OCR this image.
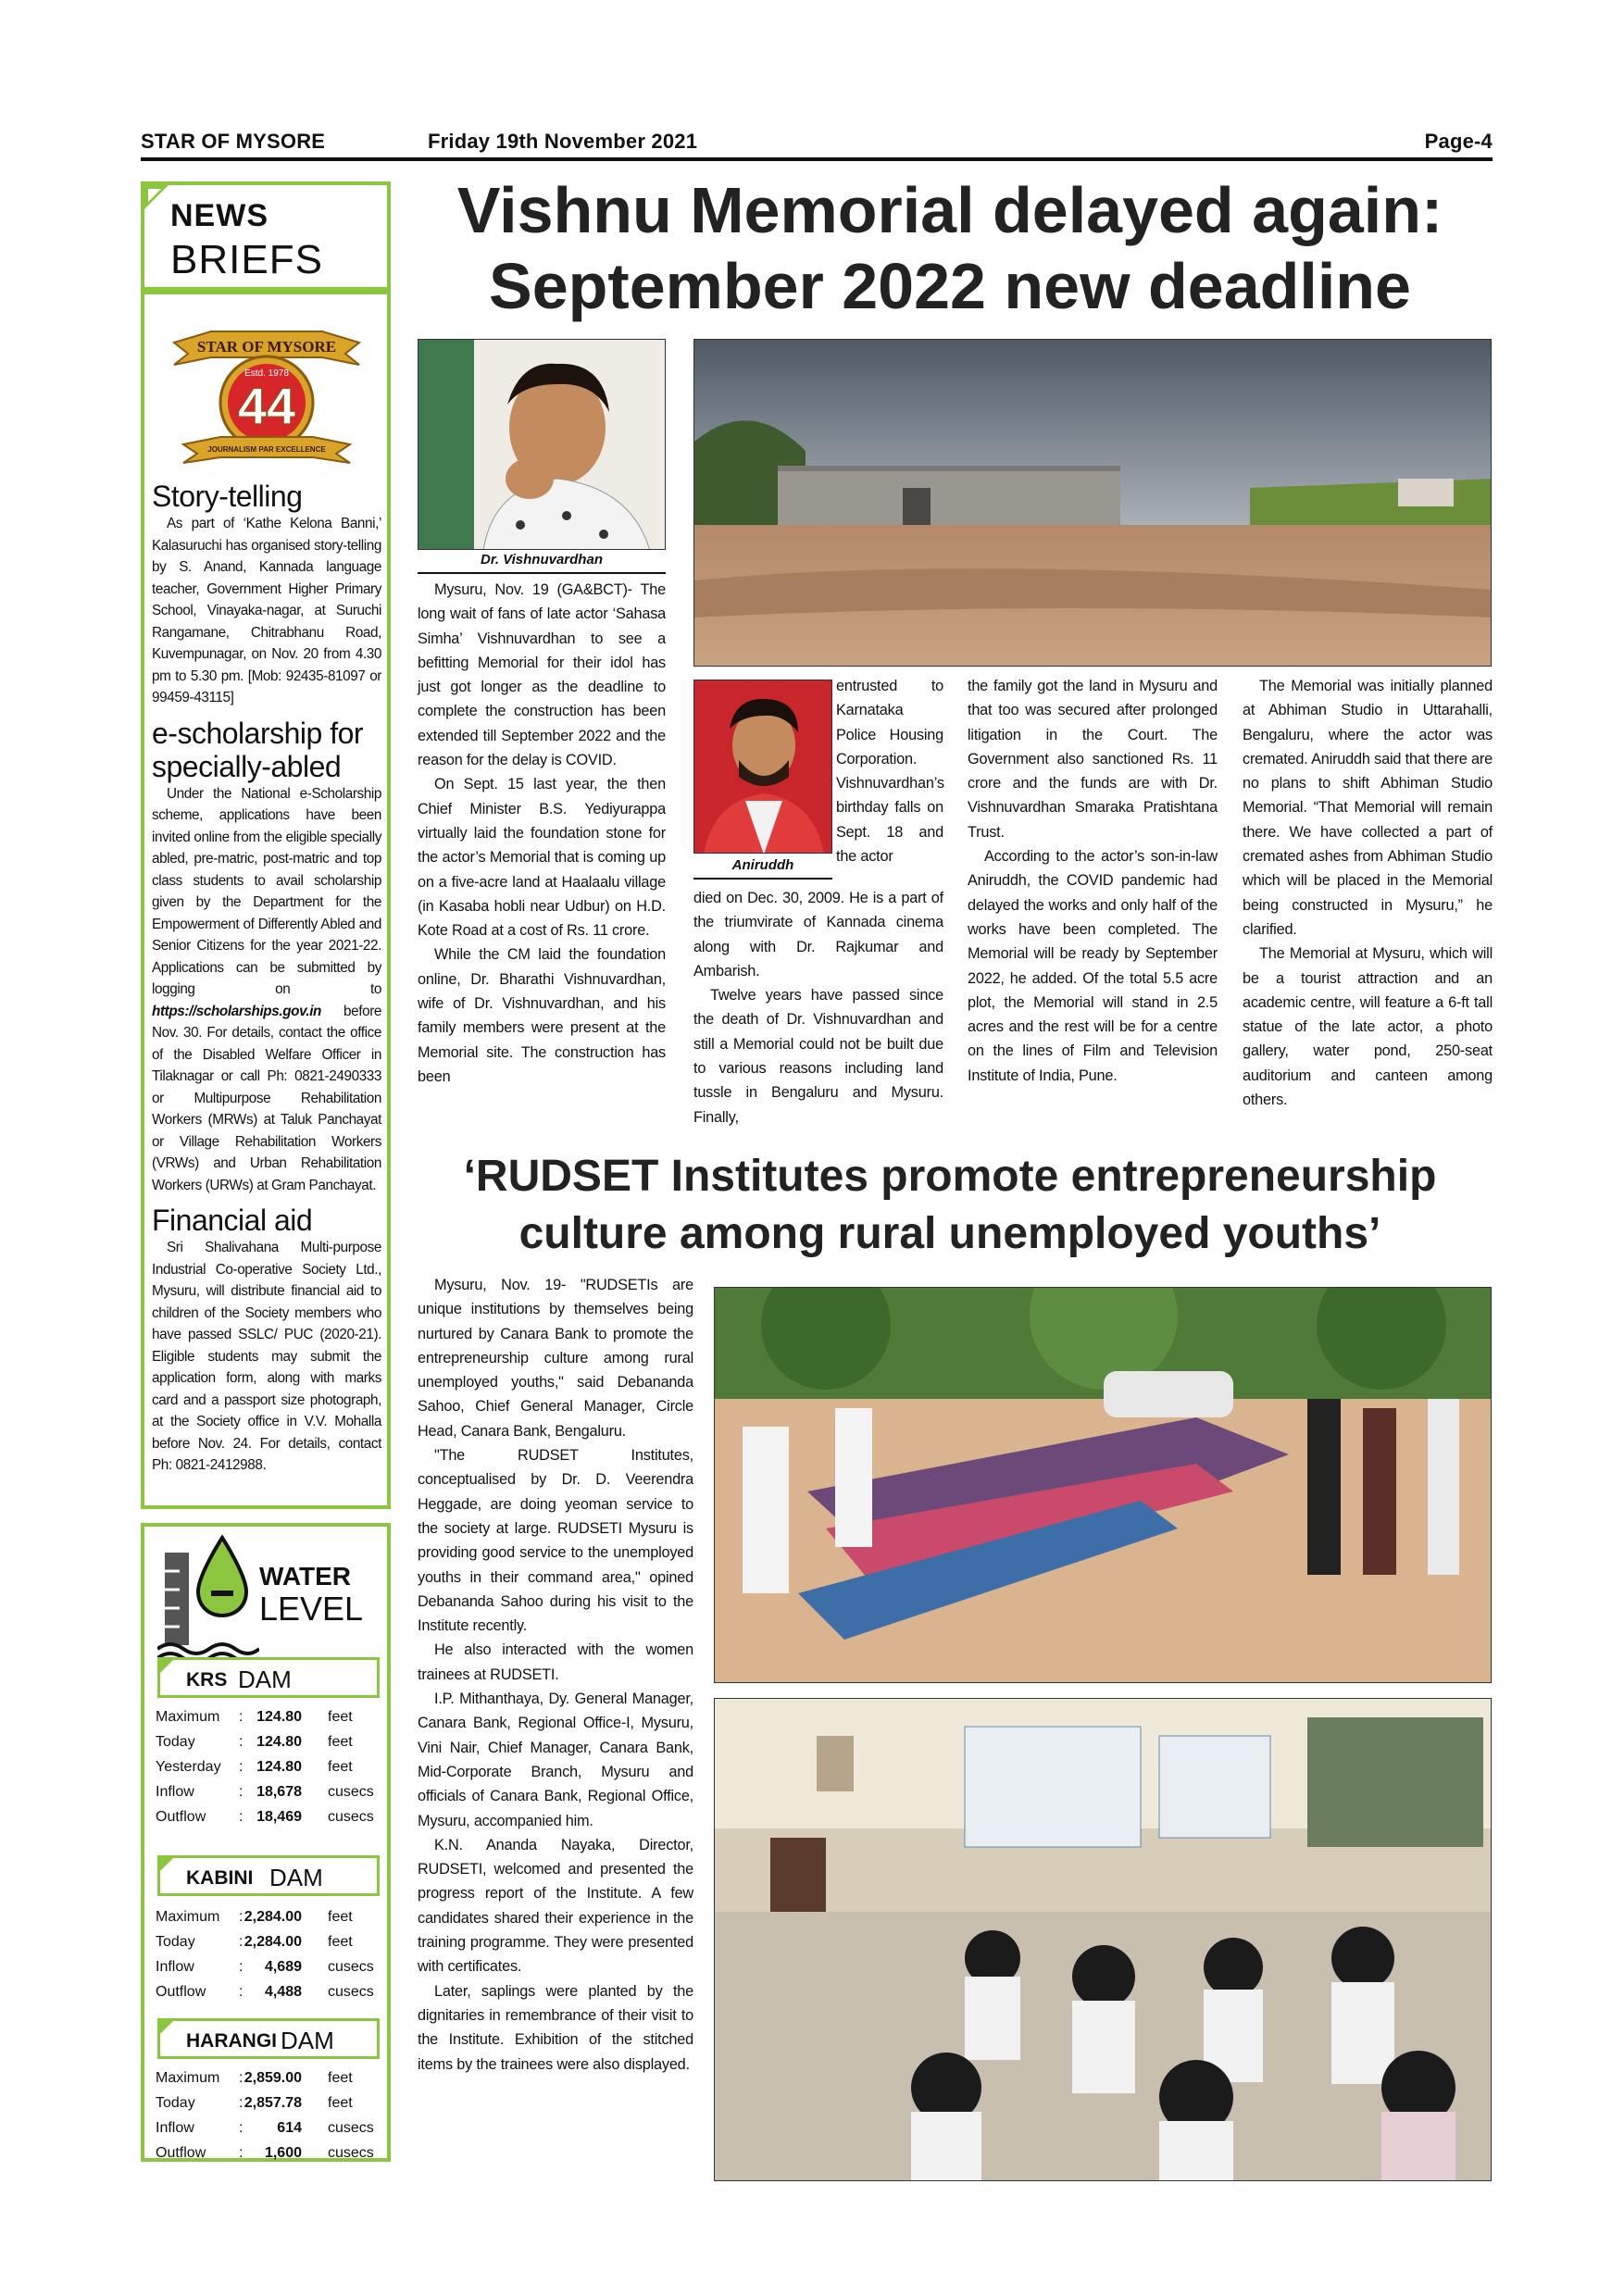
STAR OF MYSORE	Friday 19th November 2021	Page-4
NEWS
BRIEFS
STAR OF MYSORE
Estd. 1978
44
JOURNALISM PAR EXCELLENCE
Story-telling

As part of ‘Kathe Kelona Banni,’ Kalasuruchi has organised story-telling by S. Anand, Kannada language teacher, Government Higher Primary School, Vinayaka-nagar, at Suruchi Rangamane, Chitrabhanu Road, Kuvempunagar, on Nov. 20 from 4.30 pm to 5.30 pm. [Mob: 92435-81097 or 99459-43115]

e-scholarship for specially-abled

Under the National e-Scholarship scheme, applications have been invited online from the eligible specially abled, pre-matric, post-matric and top class students to avail scholarship given by the Department for the Empowerment of Differently Abled and Senior Citizens for the year 2021-22. Applications can be submitted by logging on to https://scholarships.gov.in before Nov. 30. For details, contact the office of the Disabled Welfare Officer in Tilaknagar or call Ph: 0821-2490333 or Multipurpose Rehabilitation Workers (MRWs) at Taluk Panchayat or Village Rehabilitation Workers (VRWs) and Urban Rehabilitation Workers (URWs) at Gram Panchayat.

Financial aid

Sri Shalivahana Multi-purpose Industrial Co-operative Society Ltd., Mysuru, will distribute financial aid to children of the Society members who have passed SSLC/ PUC (2020-21). Eligible students may submit the application form, along with marks card and a passport size photograph, at the Society office in V.V. Mohalla before Nov. 24. For details, contact Ph: 0821-2412988.

WATER
LEVEL
KRS DAM
Maximum : 124.80 feet
Today	: 124.80 feet
Yesterday : 124.80 feet
Inflow	: 18,678 cusecs
Outflow : 18,469 cusecs
KABINI DAM
Maximum : 2,284.00 feet
Today	: 2,284.00 feet
Inflow	: 4,689 cusecs
Outflow : 4,488 cusecs
HARANGI DAM
Maximum : 2,859.00 feet
Today	: 2,857.78 feet
Inflow	: 614 cusecs
Outflow : 1,600 cusecs
Vishnu Memorial delayed again:
September 2022 new deadline
Dr. Vishnuvardhan
Aniruddh

Mysuru, Nov. 19 (GA&BCT)- The long wait of fans of late actor ‘Sahasa Simha’ Vishnuvardhan to see a befitting Memorial for their idol has just got longer as the deadline to complete the construction has been extended till September 2022 and the reason for the delay is COVID.

On Sept. 15 last year, the then Chief Minister B.S. Yediyurappa virtually laid the foundation stone for the actor’s Memorial that is coming up on a five-acre land at Haalaalu village (in Kasaba hobli near Udbur) on H.D. Kote Road at a cost of Rs. 11 crore.

While the CM laid the foundation online, Dr. Bharathi Vishnuvardhan, wife of Dr. Vishnuvardhan, and his family members were present at the Memorial site. The construction has been

entrusted to Karnataka Police Housing Corporation. Vishnuvardhan’s birthday falls on Sept. 18 and the actor

died on Dec. 30, 2009. He is a part of the triumvirate of Kannada cinema along with Dr. Rajkumar and Ambarish.

Twelve years have passed since the death of Dr. Vishnuvardhan and still a Memorial could not be built due to various reasons including land tussle in Bengaluru and Mysuru. Finally,

the family got the land in Mysuru and that too was secured after prolonged litigation in the Court. The Government also sanctioned Rs. 11 crore and the funds are with Dr. Vishnuvardhan Smaraka Pratishtana Trust.

According to the actor’s son-in-law Aniruddh, the COVID pandemic had delayed the works and only half of the works have been completed. The Memorial will be ready by September 2022, he added. Of the total 5.5 acre plot, the Memorial will stand in 2.5 acres and the rest will be for a centre on the lines of Film and Television Institute of India, Pune.

The Memorial was initially planned at Abhiman Studio in Uttarahalli, Bengaluru, where the actor was cremated. Aniruddh said that there are no plans to shift Abhiman Studio Memorial. “That Memorial will remain there. We have collected a part of cremated ashes from Abhiman Studio which will be placed in the Memorial being constructed in Mysuru,” he clarified.

The Memorial at Mysuru, which will be a tourist attraction and an academic centre, will feature a 6-ft tall statue of the late actor, a photo gallery, water pond, 250-seat auditorium and canteen among others.

‘RUDSET Institutes promote entrepreneurship
culture among rural unemployed youths’

Mysuru, Nov. 19- "RUDSETIs are unique institutions by themselves being nurtured by Canara Bank to promote the entrepreneurship culture among rural unemployed youths," said Debananda Sahoo, Chief General Manager, Circle Head, Canara Bank, Bengaluru.

"The RUDSET Institutes, conceptualised by Dr. D. Veerendra Heggade, are doing yeoman service to the society at large. RUDSETI Mysuru is providing good service to the unemployed youths in their command area," opined Debananda Sahoo during his visit to the Institute recently.

He also interacted with the women trainees at RUDSETI.

I.P. Mithanthaya, Dy. General Manager, Canara Bank, Regional Office-I, Mysuru, Vini Nair, Chief Manager, Canara Bank, Mid-Corporate Branch, Mysuru and officials of Canara Bank, Regional Office, Mysuru, accompanied him.

K.N. Ananda Nayaka, Director, RUDSETI, welcomed and presented the progress report of the Institute. A few candidates shared their experience in the training programme. They were presented with certificates.

Later, saplings were planted by the dignitaries in remembrance of their visit to the Institute. Exhibition of the stitched items by the trainees were also displayed.
